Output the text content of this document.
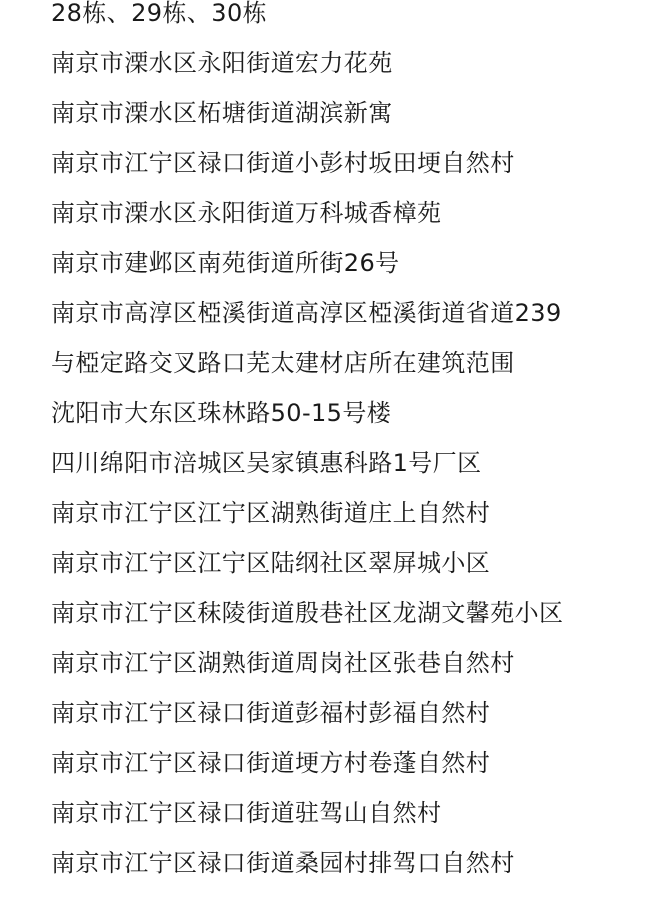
28栋、29栋、30栋
南京市溧水区永阳街道宏力花苑
南京市溧水区柘塘街道湖滨新寓
南京市江宁区禄口街道小彭村坂田埂自然村
南京市溧水区永阳街道万科城香樟苑
南京市建邺区南苑街道所街26号
南京市高淳区椏溪街道高淳区椏溪街道省道239
与椏定路交叉路口芜太建材店所在建筑范围
沈阳市大东区珠林路50-15号楼
四川绵阳市涪城区吴家镇惠科路1号厂区
南京市江宁区江宁区湖熟街道庄上自然村
南京市江宁区江宁区陆纲社区翠屏城小区
南京市江宁区秣陵街道殷巷社区龙湖文馨苑小区
南京市江宁区湖熟街道周岗社区张巷自然村
南京市江宁区禄口街道彭福村彭福自然村
南京市江宁区禄口街道埂方村卷蓬自然村
南京市江宁区禄口街道驻驾山自然村
南京市江宁区禄口街道桑园村排驾口自然村
